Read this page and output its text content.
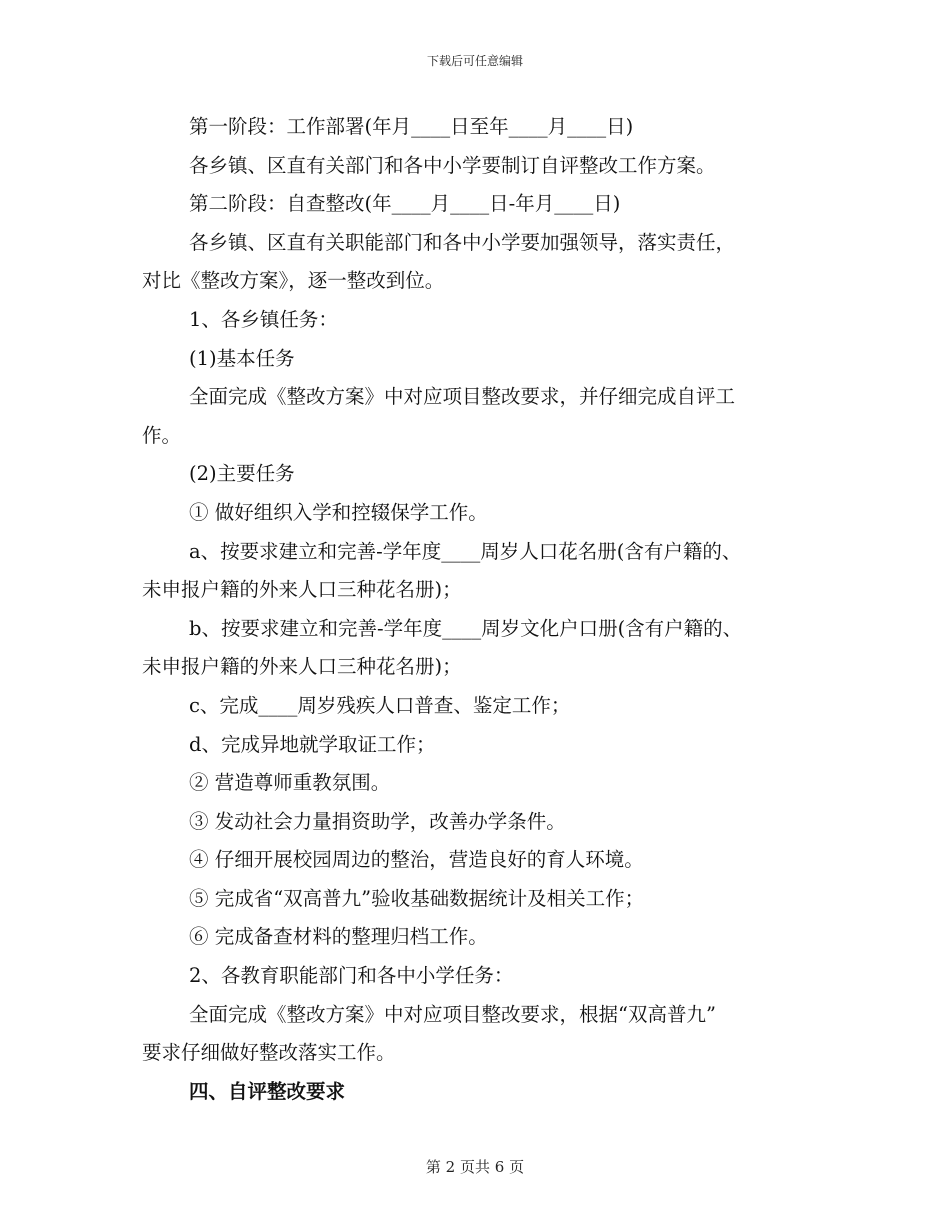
下载后可任意编辑
第一阶段：工作部署(年月____日至年____月____日)
各乡镇、区直有关部门和各中小学要制订自评整改工作方案。
第二阶段：自查整改(年____月____日-年月____日)
各乡镇、区直有关职能部门和各中小学要加强领导，落实责任，
对比《整改方案》，逐一整改到位。
1、各乡镇任务：
(1)基本任务
全面完成《整改方案》中对应项目整改要求，并仔细完成自评工
作。
(2)主要任务
① 做好组织入学和控辍保学工作。
a、按要求建立和完善-学年度____周岁人口花名册(含有户籍的、
未申报户籍的外来人口三种花名册)；
b、按要求建立和完善-学年度____周岁文化户口册(含有户籍的、
未申报户籍的外来人口三种花名册)；
c、完成____周岁残疾人口普查、鉴定工作；
d、完成异地就学取证工作；
② 营造尊师重教氛围。
③ 发动社会力量捐资助学，改善办学条件。
④ 仔细开展校园周边的整治，营造良好的育人环境。
⑤ 完成省“双高普九”验收基础数据统计及相关工作；
⑥ 完成备查材料的整理归档工作。
2、各教育职能部门和各中小学任务：
全面完成《整改方案》中对应项目整改要求，根据“双高普九”
要求仔细做好整改落实工作。
四、自评整改要求
第 2 页共 6 页
